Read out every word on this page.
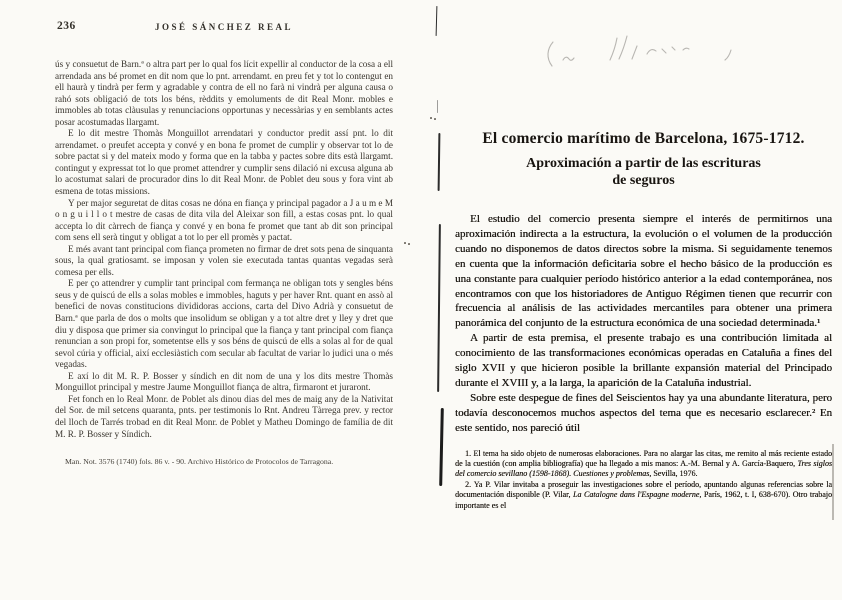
236	JOSÉ SÁNCHEZ REAL

ús y consuetut de Barn.ª o altra part per lo qual fos lícit expellir al conductor de la cosa a ell arrendada ans bé promet en dit nom que lo pnt. arrendamt. en preu fet y tot lo contengut en ell haurà y tindrà per ferm y agradable y contra de ell no farà ni vindrà per alguna causa o rahó sots obligació de tots los béns, rèddits y emoluments de dit Real Monr. mobles e immobles ab totas clàusulas y renunciacions opportunas y necessàrias y en semblants actes posar acostumadas llargamt.

E lo dit mestre Thomàs Monguillot arrendatari y conductor predit assí pnt. lo dit arrendamet. o preufet accepta y convé y en bona fe promet de cumplir y observar tot lo de sobre pactat si y del mateix modo y forma que en la tabba y pactes sobre dits està llargamt. contingut y expressat tot lo que promet attendrer y cumplir sens dilació ni excusa alguna ab lo acostumat salari de procurador dins lo dit Real Monr. de Poblet deu sous y fora vint ab esmena de totas missions.

Y per major seguretat de ditas cosas ne dóna en fiança y principal pagador a J a u m e M o n g u i l l o t mestre de casas de dita vila del Aleixar son fill, a estas cosas pnt. lo qual accepta lo dit càrrech de fiança y convé y en bona fe promet que tant ab dit son principal com sens ell serà tingut y obligat a tot lo per ell promès y pactat.

E més avant tant principal com fiança prometen no firmar de dret sots pena de sinquanta sous, la qual gratiosamt. se imposan y volen sie executada tantas quantas vegadas serà comesa per ells.

E per ço attendrer y cumplir tant principal com fermança ne obligan tots y sengles béns seus y de quiscú de ells a solas mobles e immobles, haguts y per haver Rnt. quant en assò al benefici de novas constitucions divididoras accions, carta del Divo Adrià y consuetut de Barn.ª que parla de dos o molts que insolidum se obligan y a tot altre dret y lley y dret que diu y disposa que primer sia convingut lo principal que la fiança y tant principal com fiança renuncian a son propi for, sometentse ells y sos béns de quiscú de ells a solas al for de qual sevol cúria y official, així ecclesiàstich com secular ab facultat de variar lo judici una o més vegadas.

E axí lo dit M. R. P. Bosser y síndich en dit nom de una y los dits mestre Thomàs Monguillot principal y mestre Jaume Monguillot fiança de altra, firmaront et juraront.

Fet fonch en lo Real Monr. de Poblet als dinou dias del mes de maig any de la Nativitat del Sor. de mil setcens quaranta, pnts. per testimonis lo Rnt. Andreu Tàrrega prev. y rector del lloch de Tarrés trobad en dit Real Monr. de Poblet y Matheu Domingo de família de dit M. R. P. Bosser y Síndich.

Man. Not. 3576 (1740) fols. 86 v. - 90. Archivo Histórico de Protocolos de Tarragona.
El comercio marítimo de Barcelona, 1675-1712.
Aproximación a partir de las escrituras
de seguros

El estudio del comercio presenta siempre el interés de permitirnos una aproximación indirecta a la estructura, la evolución o el volumen de la producción cuando no disponemos de datos directos sobre la misma. Si seguidamente tenemos en cuenta que la información deficitaria sobre el hecho básico de la producción es una constante para cualquier período histórico anterior a la edad contemporánea, nos encontramos con que los historiadores de Antiguo Régimen tienen que recurrir con frecuencia al análisis de las actividades mercantiles para obtener una primera panorámica del conjunto de la estructura económica de una sociedad determinada.¹

A partir de esta premisa, el presente trabajo es una contribución limitada al conocimiento de las transformaciones económicas operadas en Cataluña a fines del siglo XVII y que hicieron posible la brillante expansión material del Principado durante el XVIII y, a la larga, la aparición de la Cataluña industrial.

Sobre este despegue de fines del Seiscientos hay ya una abundante literatura, pero todavía desconocemos muchos aspectos del tema que es necesario esclarecer.² En este sentido, nos pareció útil

1. El tema ha sido objeto de numerosas elaboraciones. Para no alargar las citas, me remito al más reciente estado de la cuestión (con amplia bibliografía) que ha llegado a mis manos: A.-M. Bernal y A. García-Baquero, Tres siglos del comercio sevillano (1598-1868). Cuestiones y problemas, Sevilla, 1976.

2. Ya P. Vilar invitaba a proseguir las investigaciones sobre el período, apuntando algunas referencias sobre la documentación disponible (P. Vilar, La Catalogne dans l'Espagne moderne, París, 1962, t. I, 638-670). Otro trabajo importante es el
